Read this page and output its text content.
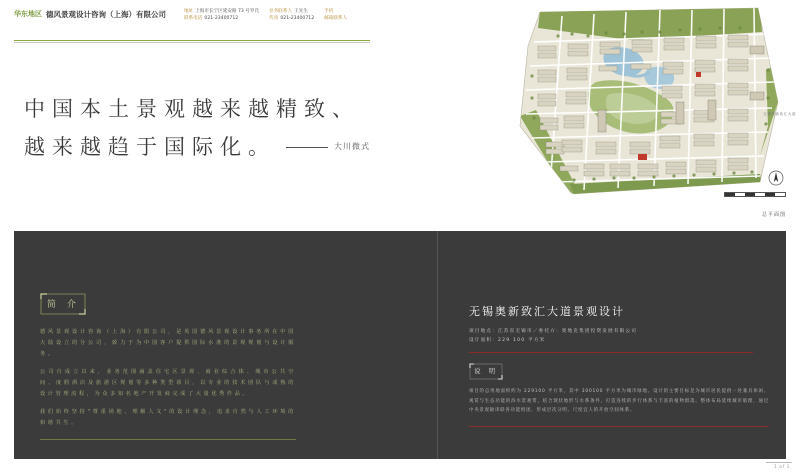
华东地区 德风景观设计咨询（上海）有限公司	地址 上海市长宁区延安路 73 号罗氏
联系电话 021-23400712
业务联系人 王先生
传真 021-23400712
手机
邮箱联系人
中国本土景观越来越精致、
越来越趋于国际化。	大川微式
无锡奥新致汇大道
总平面图
简 介
德风景观设计咨询（上海）有限公司，是英国德风景观设计事务所在中国大陆设立的分公司，致力于为中国客户提供国际水准的景观规划与设计服务。
公司自成立以来，业务范围涵盖住宅区景观、商业综合体、城市公共空间、度假酒店及旅游区规划等多种类型项目，以专业的技术团队与成熟的设计管理流程，为众多知名地产开发商完成了大量优秀作品。
我们始终坚持"尊重场地、理解人文"的设计理念，追求自然与人工环境的和谐共生。
无锡奥新致汇大道景观设计
项目地点：江苏省无锡市／委托方：奥地克集团投资发展有限公司
设计面积：229 100 平方米
说 明
项目的总用地面积约为 229100 平方米，其中 300100 平方米为城市绿地。设计的主要目标是为城市居民提供一处兼具休闲、观赏与生态功能的滨水景观带，结合现状地形与水系条件，打造连续的步行体系与丰富的植物群落。整体布局延续城市肌理，通过中央景观轴串联各功能组团，形成层次分明、尺度宜人的开放空间体系。
1 of 1
